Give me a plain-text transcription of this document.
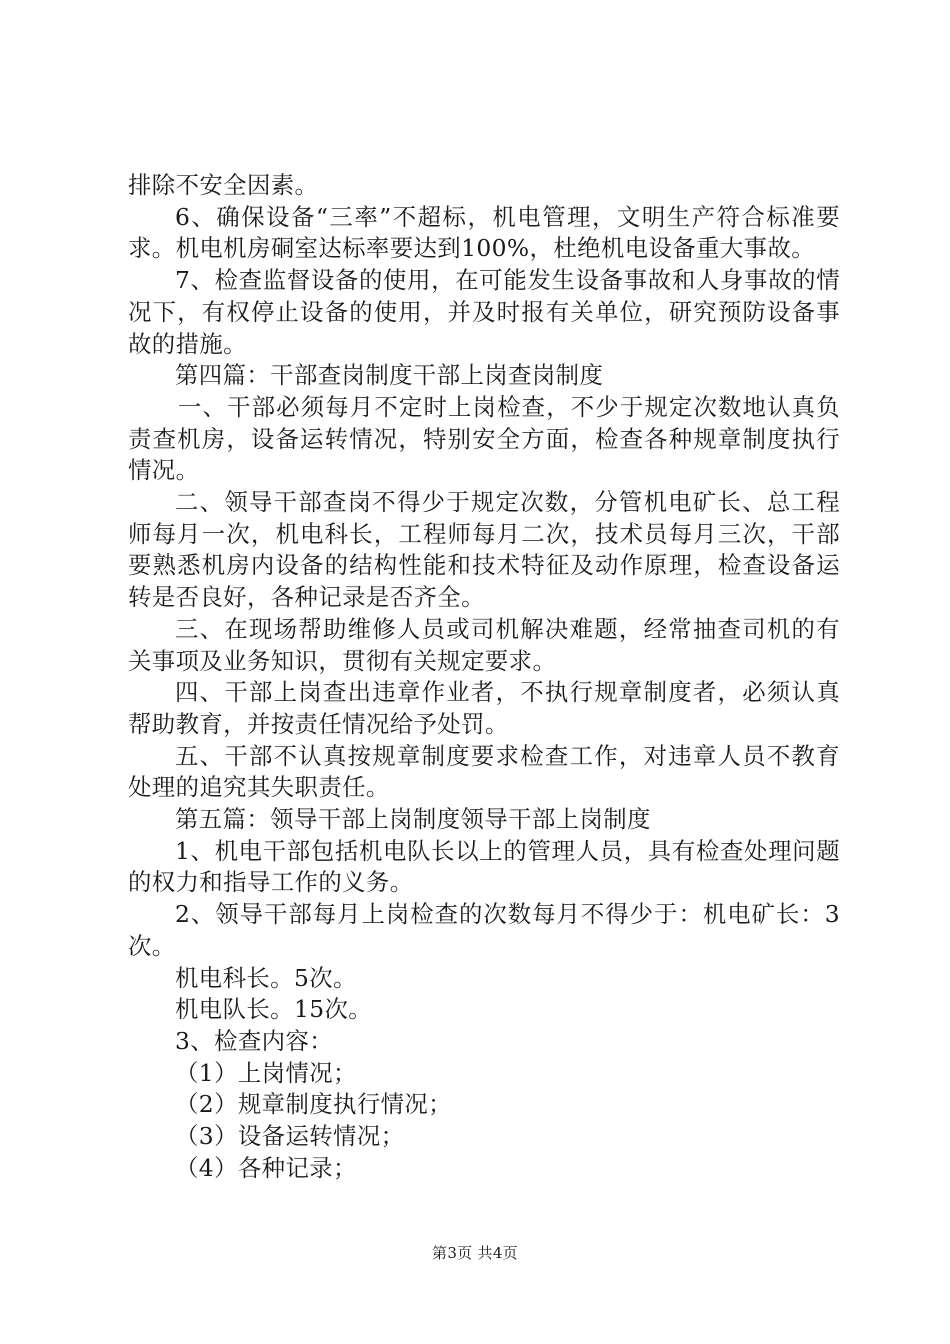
排除不安全因素。

6、确保设备“三率”不超标，机电管理，文明生产符合标准要求。机电机房硐室达标率要达到100%，杜绝机电设备重大事故。

7、检查监督设备的使用，在可能发生设备事故和人身事故的情况下，有权停止设备的使用，并及时报有关单位，研究预防设备事故的措施。

第四篇：干部查岗制度干部上岗查岗制度

一、干部必须每月不定时上岗检查，不少于规定次数地认真负责查机房，设备运转情况，特别安全方面，检查各种规章制度执行情况。

二、领导干部查岗不得少于规定次数，分管机电矿长、总工程师每月一次，机电科长，工程师每月二次，技术员每月三次，干部要熟悉机房内设备的结构性能和技术特征及动作原理，检查设备运转是否良好，各种记录是否齐全。

三、在现场帮助维修人员或司机解决难题，经常抽查司机的有关事项及业务知识，贯彻有关规定要求。

四、干部上岗查出违章作业者，不执行规章制度者，必须认真帮助教育，并按责任情况给予处罚。

五、干部不认真按规章制度要求检查工作，对违章人员不教育处理的追究其失职责任。

第五篇：领导干部上岗制度领导干部上岗制度

1、机电干部包括机电队长以上的管理人员，具有检查处理问题的权力和指导工作的义务。

2、领导干部每月上岗检查的次数每月不得少于：机电矿长：3次。

机电科长。5次。

机电队长。15次。

3、检查内容：

（1）上岗情况；

（2）规章制度执行情况；

（3）设备运转情况；

（4）各种记录；

第3页 共4页
